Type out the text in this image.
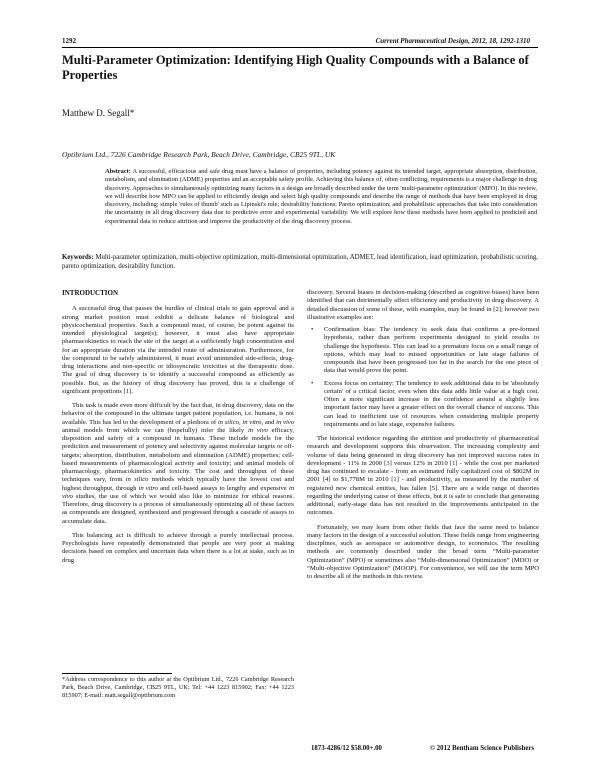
1292	Current Pharmaceutical Design, 2012, 18, 1292-1310
Multi-Parameter Optimization: Identifying High Quality Compounds with a Balance of Properties
Matthew D. Segall*
Optibrium Ltd., 7226 Cambridge Research Park, Beach Drive, Cambridge, CB25 9TL, UK
Abstract: A successful, efficacious and safe drug must have a balance of properties, including potency against its intended target, appropriate absorption, distribution, metabolism, and elimination (ADME) properties and an acceptable safety profile. Achieving this balance of, often conflicting, requirements is a major challenge in drug discovery. Approaches to simultaneously optimizing many factors in a design are broadly described under the term 'multi-parameter optimization' (MPO). In this review, we will describe how MPO can be applied to efficiently design and select high quality compounds and describe the range of methods that have been employed in drug discovery, including; simple 'rules of thumb' such as Lipinski's rule; desirability functions; Pareto optimization; and probabilistic approaches that take into consideration the uncertainty in all drug discovery data due to predictive error and experimental variability. We will explore how these methods have been applied to predicted and experimental data to reduce attrition and improve the productivity of the drug discovery process.
Keywords: Multi-parameter optimization, multi-objective optimization, multi-dimensional optimization, ADMET, lead identification, lead optimization, probabilistic scoring, pareto optimization, desirability function.

INTRODUCTION

A successful drug that passes the hurdles of clinical trials to gain approval and a strong market position must exhibit a delicate balance of biological and physicochemical properties. Such a compound must, of course, be potent against its intended physiological target(s); however, it must also have appropriate pharmacokinetics to reach the site of the target at a sufficiently high concentration and for an appropriate duration via the intended route of administration. Furthermore, for the compound to be safely administered, it must avoid unintended side-effects, drug-drug interactions and non-specific or idiosyncratic toxicities at the therapeutic dose. The goal of drug discovery is to identify a successful compound as efficiently as possible. But, as the history of drug discovery has proved, this is a challenge of significant proportions [1].

This task is made even more difficult by the fact that, in drug discovery, data on the behavior of the compound in the ultimate target patient population, i.e. humans, is not available. This has led to the development of a plethora of in silico, in vitro, and in vivo animal models from which we can (hopefully) infer the likely in vivo efficacy, disposition and safety of a compound in humans. These include models for the prediction and measurement of potency and selectivity against molecular targets or off-targets; absorption, distribution, metabolism and elimination (ADME) properties; cell-based measurements of pharmacological activity and toxicity; and animal models of pharmacology, pharmacokinetics and toxicity. The cost and throughput of these techniques vary, from in silico methods which typically have the lowest cost and highest throughput, through in vitro and cell-based assays to lengthy and expensive in vivo studies, the use of which we would also like to minimize for ethical reasons. Therefore, drug discovery is a process of simultaneously optimizing all of these factors as compounds are designed, synthesized and progressed through a cascade of assays to accumulate data.

This balancing act is difficult to achieve through a purely intellectual process. Psychologists have repeatedly demonstrated that people are very poor at making decisions based on complex and uncertain data when there is a lot at stake, such as in drug

discovery. Several biases in decision-making (described as cognitive biases) have been identified that can detrimentally affect efficiency and productivity in drug discovery. A detailed discussion of some of these, with examples, may be found in [2]; however two illustrative examples are:

• Confirmation bias: The tendency to seek data that confirms a pre-formed hypothesis, rather than perform experiments designed to yield results to challenge the hypothesis. This can lead to a premature focus on a small range of options, which may lead to missed opportunities or late stage failures of compounds that have been progressed too far in the search for the one piece of data that would prove the point.
• Excess focus on certainty: The tendency to seek additional data to be 'absolutely certain' of a critical factor, even when this data adds little value at a high cost. Often a more significant increase in the confidence around a slightly less important factor may have a greater effect on the overall chance of success. This can lead to inefficient use of resources when considering multiple property requirements and to late stage, expensive failures.

The historical evidence regarding the attrition and productivity of pharmaceutical research and development supports this observation. The increasing complexity and volume of data being generated in drug discovery has not improved success rates in development - 11% in 2000 [3] versus 12% in 2010 [1] - while the cost per marketed drug has continued to escalate - from an estimated fully capitalized cost of $802M in 2001 [4] to $1,778M in 2010 [1] - and productivity, as measured by the number of registered new chemical entities, has fallen [5]. There are a wide range of theories regarding the underlying cause of these effects, but it is safe to conclude that generating additional, early-stage data has not resulted in the improvements anticipated in the outcomes.

Fortunately, we may learn from other fields that face the same need to balance many factors in the design of a successful solution. These fields range from engineering disciplines, such as aerospace or automotive design, to economics. The resulting methods are commonly described under the broad term “Multi-parameter Optimization” (MPO) or sometimes also “Multi-dimensional Optimization” (MDO) or “Multi-objective Optimization” (MOOP). For convenience, we will use the term MPO to describe all of the methods in this review.

*Address correspondence to this author at the Optibrium Ltd., 7226 Cambridge Research Park, Beach Drive, Cambridge, CB25 9TL, UK; Tel: +44 1223 815902; Fax: +44 1223 815907; E-mail: matt.segall@optibrium.com
1873-4286/12 $58.00+.00	© 2012 Bentham Science Publishers
